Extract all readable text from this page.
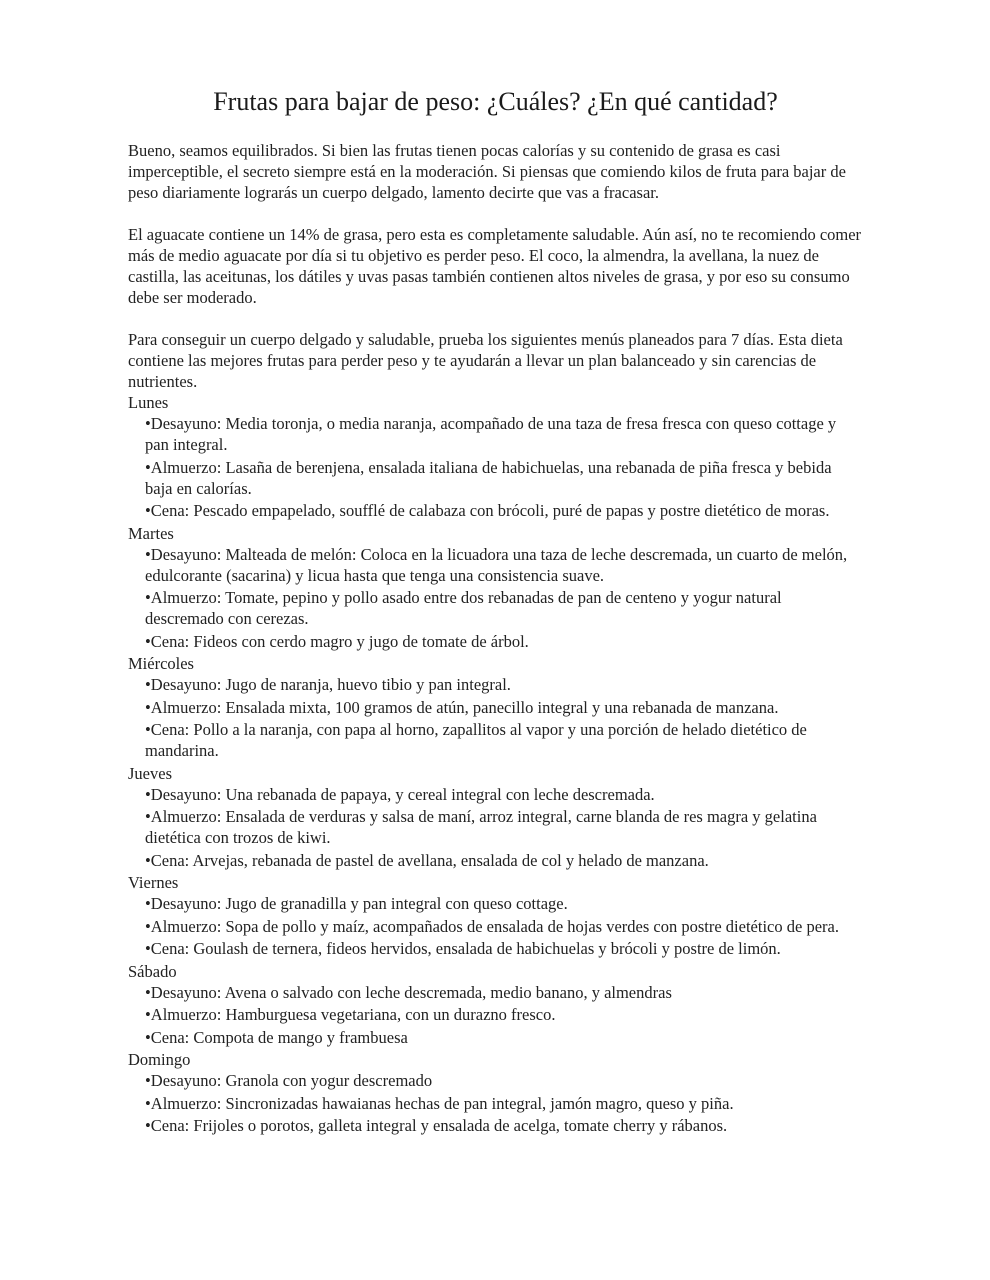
Frutas para bajar de peso: ¿Cuáles? ¿En qué cantidad?

Bueno, seamos equilibrados. Si bien las frutas tienen pocas calorías y su contenido de grasa es casi imperceptible, el secreto siempre está en la moderación. Si piensas que comiendo kilos de fruta para bajar de peso diariamente lograrás un cuerpo delgado, lamento decirte que vas a fracasar.

El aguacate contiene un 14% de grasa, pero esta es completamente saludable. Aún así, no te recomiendo comer más de medio aguacate por día si tu objetivo es perder peso. El coco, la almendra, la avellana, la nuez de castilla, las aceitunas, los dátiles y uvas pasas también contienen altos niveles de grasa, y por eso su consumo debe ser moderado.

Para conseguir un cuerpo delgado y saludable, prueba los siguientes menús planeados para 7 días. Esta dieta contiene las mejores frutas para perder peso y te ayudarán a llevar un plan balanceado y sin carencias de nutrientes.

Lunes
•Desayuno: Media toronja, o media naranja, acompañado de una taza de fresa fresca con queso cottage y pan integral.
•Almuerzo: Lasaña de berenjena, ensalada italiana de habichuelas, una rebanada de piña fresca y bebida baja en calorías.
•Cena: Pescado empapelado, soufflé de calabaza con brócoli, puré de papas y postre dietético de moras.
Martes
•Desayuno: Malteada de melón: Coloca en la licuadora una taza de leche descremada, un cuarto de melón, edulcorante (sacarina) y licua hasta que tenga una consistencia suave.
•Almuerzo: Tomate, pepino y pollo asado entre dos rebanadas de pan de centeno y yogur natural descremado con cerezas.
•Cena: Fideos con cerdo magro y jugo de tomate de árbol.
Miércoles
•Desayuno: Jugo de naranja, huevo tibio y pan integral.
•Almuerzo: Ensalada mixta, 100 gramos de atún, panecillo integral y una rebanada de manzana.
•Cena: Pollo a la naranja, con papa al horno, zapallitos al vapor y una porción de helado dietético de mandarina.
Jueves
•Desayuno: Una rebanada de papaya, y cereal integral con leche descremada.
•Almuerzo: Ensalada de verduras y salsa de maní, arroz integral, carne blanda de res magra y gelatina dietética con trozos de kiwi.
•Cena: Arvejas, rebanada de pastel de avellana, ensalada de col y helado de manzana.
Viernes
•Desayuno: Jugo de granadilla y pan integral con queso cottage.
•Almuerzo: Sopa de pollo y maíz, acompañados de ensalada de hojas verdes con postre dietético de pera.
•Cena: Goulash de ternera, fideos hervidos, ensalada de habichuelas y brócoli y postre de limón.
Sábado
•Desayuno: Avena o salvado con leche descremada, medio banano, y almendras
•Almuerzo: Hamburguesa vegetariana, con un durazno fresco.
•Cena: Compota de mango y frambuesa
Domingo
•Desayuno: Granola con yogur descremado
•Almuerzo: Sincronizadas hawaianas hechas de pan integral, jamón magro, queso y piña.
•Cena: Frijoles o porotos, galleta integral y ensalada de acelga, tomate cherry y rábanos.
